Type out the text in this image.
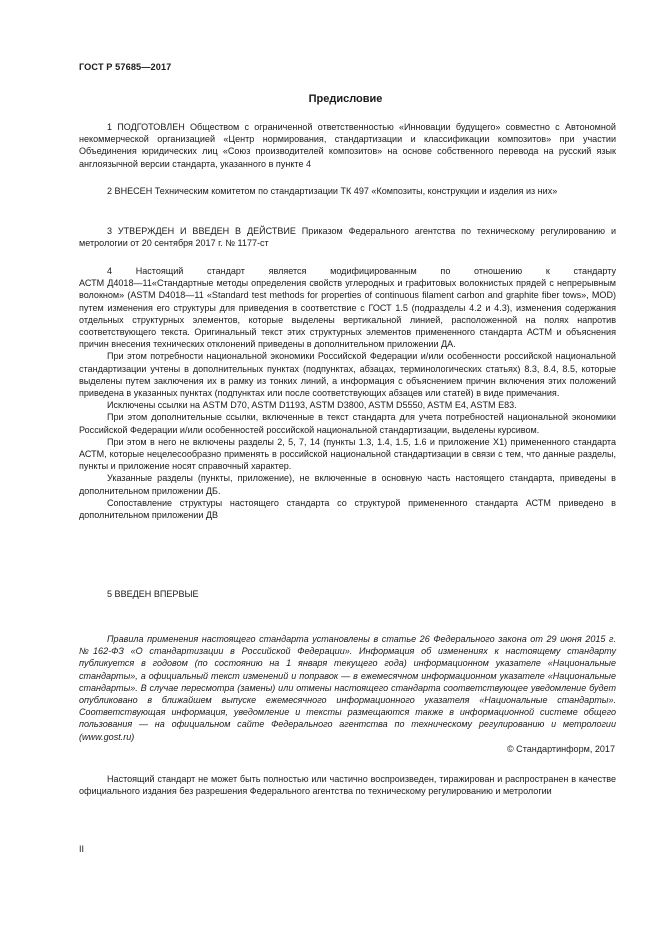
ГОСТ Р 57685—2017
Предисловие

1 ПОДГОТОВЛЕН Обществом с ограниченной ответственностью «Инновации будущего» совместно с Автономной некоммерческой организацией «Центр нормирования, стандартизации и классификации композитов» при участии Объединения юридических лиц «Союз производителей композитов» на основе собственного перевода на русский язык англоязычной версии стандарта, указанного в пункте 4

2 ВНЕСЕН Техническим комитетом по стандартизации ТК 497 «Композиты, конструкции и изделия из них»

3 УТВЕРЖДЕН И ВВЕДЕН В ДЕЙСТВИЕ Приказом Федерального агентства по техническому регулированию и метрологии от 20 сентября 2017 г. № 1177-ст

4 Настоящий стандарт является модифицированным по отношению к стандарту

АСТМ Д4018—11«Стандартные методы определения свойств углеродных и графитовых волокнистых прядей с непрерывным волокном» (ASTM D4018—11 «Standard test methods for properties of continuous filament carbon and graphite fiber tows», MOD) путем изменения его структуры для приведения в соответствие с ГОСТ 1.5 (подразделы 4.2 и 4.3), изменения содержания отдельных структурных элементов, которые выделены вертикальной линией, расположенной на полях напротив соответствующего текста. Оригинальный текст этих структурных элементов примененного стандарта АСТМ и объяснения причин внесения технических отклонений приведены в дополнительном приложении ДА.

При этом потребности национальной экономики Российской Федерации и/или особенности российской национальной стандартизации учтены в дополнительных пунктах (подпунктах, абзацах, терминологических статьях) 8.3, 8.4, 8.5, которые выделены путем заключения их в рамку из тонких линий, а информация с объяснением причин включения этих положений приведена в указанных пунктах (подпунктах или после соответствующих абзацев или статей) в виде примечания.

Исключены ссылки на ASTM D70, ASTM D1193, ASTM D3800, ASTM D5550, ASTM E4, ASTM E83.

При этом дополнительные ссылки, включенные в текст стандарта для учета потребностей национальной экономики Российской Федерации и/или особенностей российской национальной стандартизации, выделены курсивом.

При этом в него не включены разделы 2, 5, 7, 14 (пункты 1.3, 1.4, 1.5, 1.6 и приложение X1) примененного стандарта АСТМ, которые нецелесообразно применять в российской национальной стандартизации в связи с тем, что данные разделы, пункты и приложение носят справочный характер.

Указанные разделы (пункты, приложение), не включенные в основную часть настоящего стандарта, приведены в дополнительном приложении ДБ.

Сопоставление структуры настоящего стандарта со структурой примененного стандарта АСТМ приведено в дополнительном приложении ДВ

5 ВВЕДЕН ВПЕРВЫЕ

Правила применения настоящего стандарта установлены в статье 26 Федерального закона от 29 июня 2015 г. №162-ФЗ «О стандартизации в Российской Федерации». Информация об изменениях к настоящему стандарту публикуется в годовом (по состоянию на 1 января текущего года) информационном указателе «Национальные стандарты», а официальный текст изменений и поправок — в ежемесячном информационном указателе «Национальные стандарты». В случае пересмотра (замены) или отмены настоящего стандарта соответствующее уведомление будет опубликовано в ближайшем выпуске ежемесячного информационного указателя «Национальные стандарты». Соответствующая информация, уведомление и тексты размещаются также в информационной системе общего пользования — на официальном сайте Федерального агентства по техническому регулированию и метрологии (www.gost.ru)

© Стандартинформ, 2017

Настоящий стандарт не может быть полностью или частично воспроизведен, тиражирован и распространен в качестве официального издания без разрешения Федерального агентства по техническому регулированию и метрологии

II
